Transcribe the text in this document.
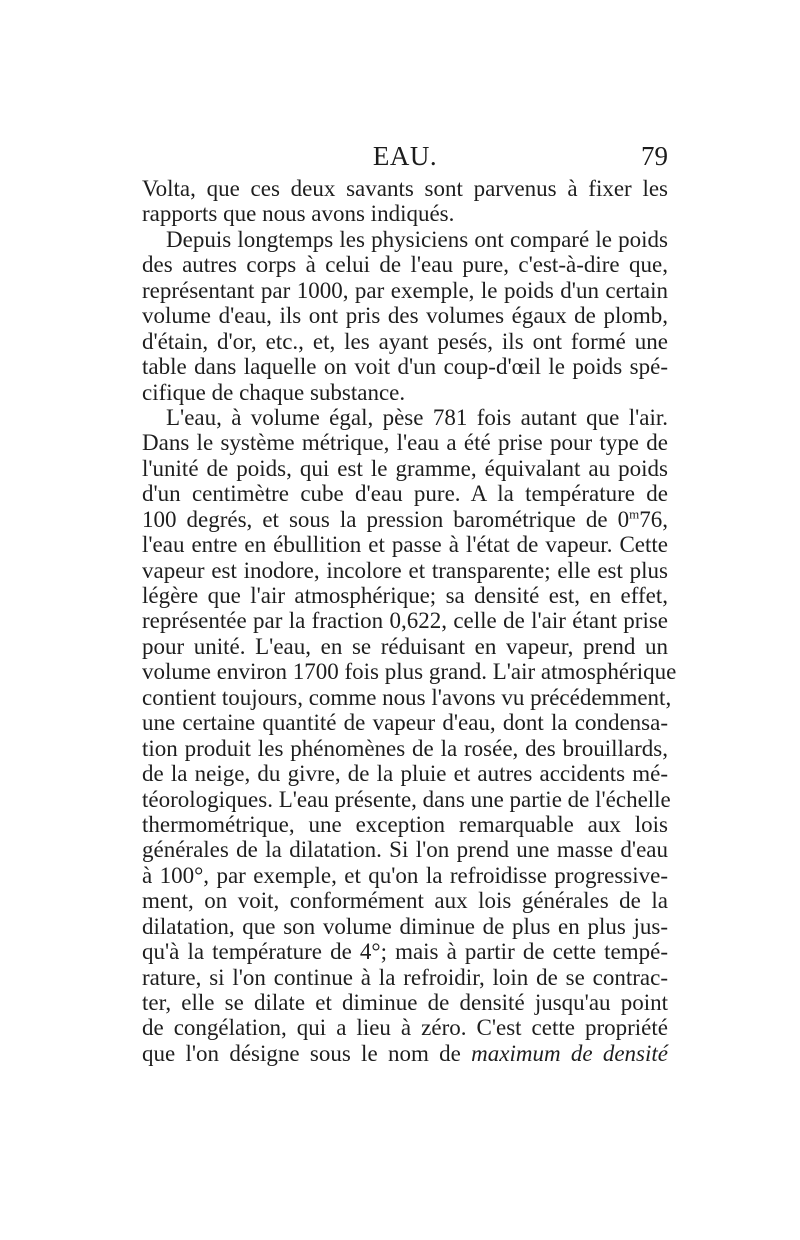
EAU.	79
Volta, que ces deux savants sont parvenus à fixer les
rapports que nous avons indiqués.
Depuis longtemps les physiciens ont comparé le poids
des autres corps à celui de l'eau pure, c'est-à-dire que,
représentant par 1000, par exemple, le poids d'un certain
volume d'eau, ils ont pris des volumes égaux de plomb,
d'étain, d'or, etc., et, les ayant pesés, ils ont formé une
table dans laquelle on voit d'un coup-d'œil le poids spé-
cifique de chaque substance.
L'eau, à volume égal, pèse 781 fois autant que l'air.
Dans le système métrique, l'eau a été prise pour type de
l'unité de poids, qui est le gramme, équivalant au poids
d'un centimètre cube d'eau pure. A la température de
100 degrés, et sous la pression barométrique de 0$^m$76,
l'eau entre en ébullition et passe à l'état de vapeur. Cette
vapeur est inodore, incolore et transparente; elle est plus
légère que l'air atmosphérique; sa densité est, en effet,
représentée par la fraction 0,622, celle de l'air étant prise
pour unité. L'eau, en se réduisant en vapeur, prend un
volume environ 1700 fois plus grand. L'air atmosphérique
contient toujours, comme nous l'avons vu précédemment,
une certaine quantité de vapeur d'eau, dont la condensa-
tion produit les phénomènes de la rosée, des brouillards,
de la neige, du givre, de la pluie et autres accidents mé-
téorologiques. L'eau présente, dans une partie de l'échelle
thermométrique, une exception remarquable aux lois
générales de la dilatation. Si l'on prend une masse d'eau
à 100°, par exemple, et qu'on la refroidisse progressive-
ment, on voit, conformément aux lois générales de la
dilatation, que son volume diminue de plus en plus jus-
qu'à la température de 4°; mais à partir de cette tempé-
rature, si l'on continue à la refroidir, loin de se contrac-
ter, elle se dilate et diminue de densité jusqu'au point
de congélation, qui a lieu à zéro. C'est cette propriété
que l'on désigne sous le nom de maximum de densité
